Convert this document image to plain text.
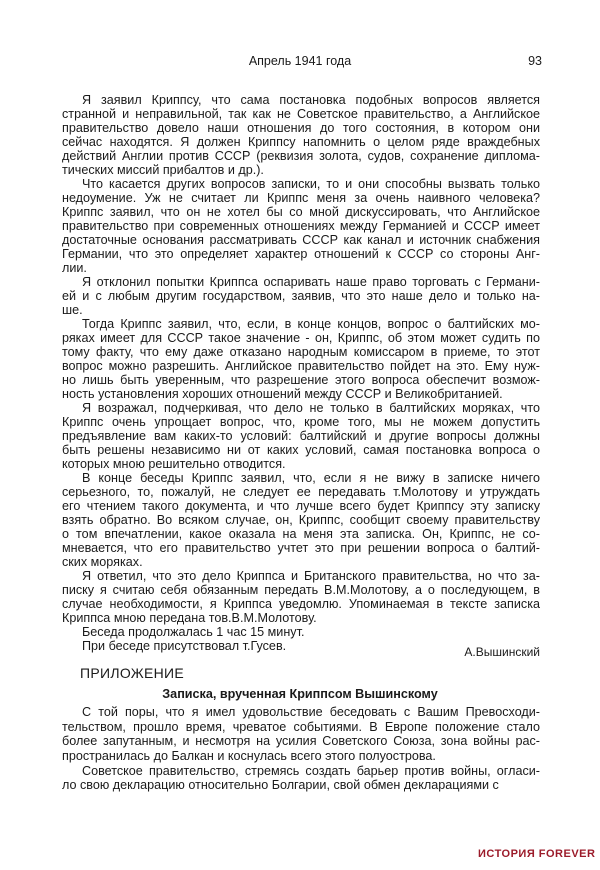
Апрель 1941 года	93
Я заявил Криппсу, что сама постановка подобных вопросов является
странной и неправильной, так как не Советское правительство, а Английское
правительство довело наши отношения до того состояния, в котором они
сейчас находятся. Я должен Криппсу напомнить о целом ряде враждебных
действий Англии против СССР (реквизия золота, судов, сохранение диплома-
тических миссий прибалтов и др.).
Что касается других вопросов записки, то и они способны вызвать только
недоумение. Уж не считает ли Криппс меня за очень наивного человека?
Криппс заявил, что он не хотел бы со мной дискуссировать, что Английское
правительство при современных отношениях между Германией и СССР имеет
достаточные основания рассматривать СССР как канал и источник снабжения
Германии, что это определяет характер отношений к СССР со стороны Анг-
лии.
Я отклонил попытки Криппса оспаривать наше право торговать с Германи-
ей и с любым другим государством, заявив, что это наше дело и только на-
ше.
Тогда Криппс заявил, что, если, в конце концов, вопрос о балтийских мо-
ряках имеет для СССР такое значение - он, Криппс, об этом может судить по
тому факту, что ему даже отказано народным комиссаром в приеме, то этот
вопрос можно разрешить. Английское правительство пойдет на это. Ему нуж-
но лишь быть уверенным, что разрешение этого вопроса обеспечит возмож-
ность установления хороших отношений между СССР и Великобританией.
Я возражал, подчеркивая, что дело не только в балтийских моряках, что
Криппс очень упрощает вопрос, что, кроме того, мы не можем допустить
предъявление вам каких-то условий: балтийский и другие вопросы должны
быть решены независимо ни от каких условий, самая постановка вопроса о
которых мною решительно отводится.
В конце беседы Криппс заявил, что, если я не вижу в записке ничего
серьезного, то, пожалуй, не следует ее передавать т.Молотову и утруждать
его чтением такого документа, и что лучше всего будет Криппсу эту записку
взять обратно. Во всяком случае, он, Криппс, сообщит своему правительству
о том впечатлении, какое оказала на меня эта записка. Он, Криппс, не со-
мневается, что его правительство учтет это при решении вопроса о балтий-
ских моряках.
Я ответил, что это дело Криппса и Британского правительства, но что за-
писку я считаю себя обязанным передать В.М.Молотову, а о последующем, в
случае необходимости, я Криппса уведомлю. Упоминаемая в тексте записка
Криппса мною передана тов.В.М.Молотову.
Беседа продолжалась 1 час 15 минут.
При беседе присутствовал т.Гусев.	А.Вышинский
ПРИЛОЖЕНИЕ
Записка, врученная Криппсом Вышинскому
С той поры, что я имел удовольствие беседовать с Вашим Превосходи-
тельством, прошло время, чреватое событиями. В Европе положение стало
более запутанным, и несмотря на усилия Советского Союза, зона войны рас-
пространилась до Балкан и коснулась всего этого полуострова.
Советское правительство, стремясь создать барьер против войны, огласи-
ло свою декларацию относительно Болгарии, свой обмен декларациями с
ИСТОРИЯ FOREVER
